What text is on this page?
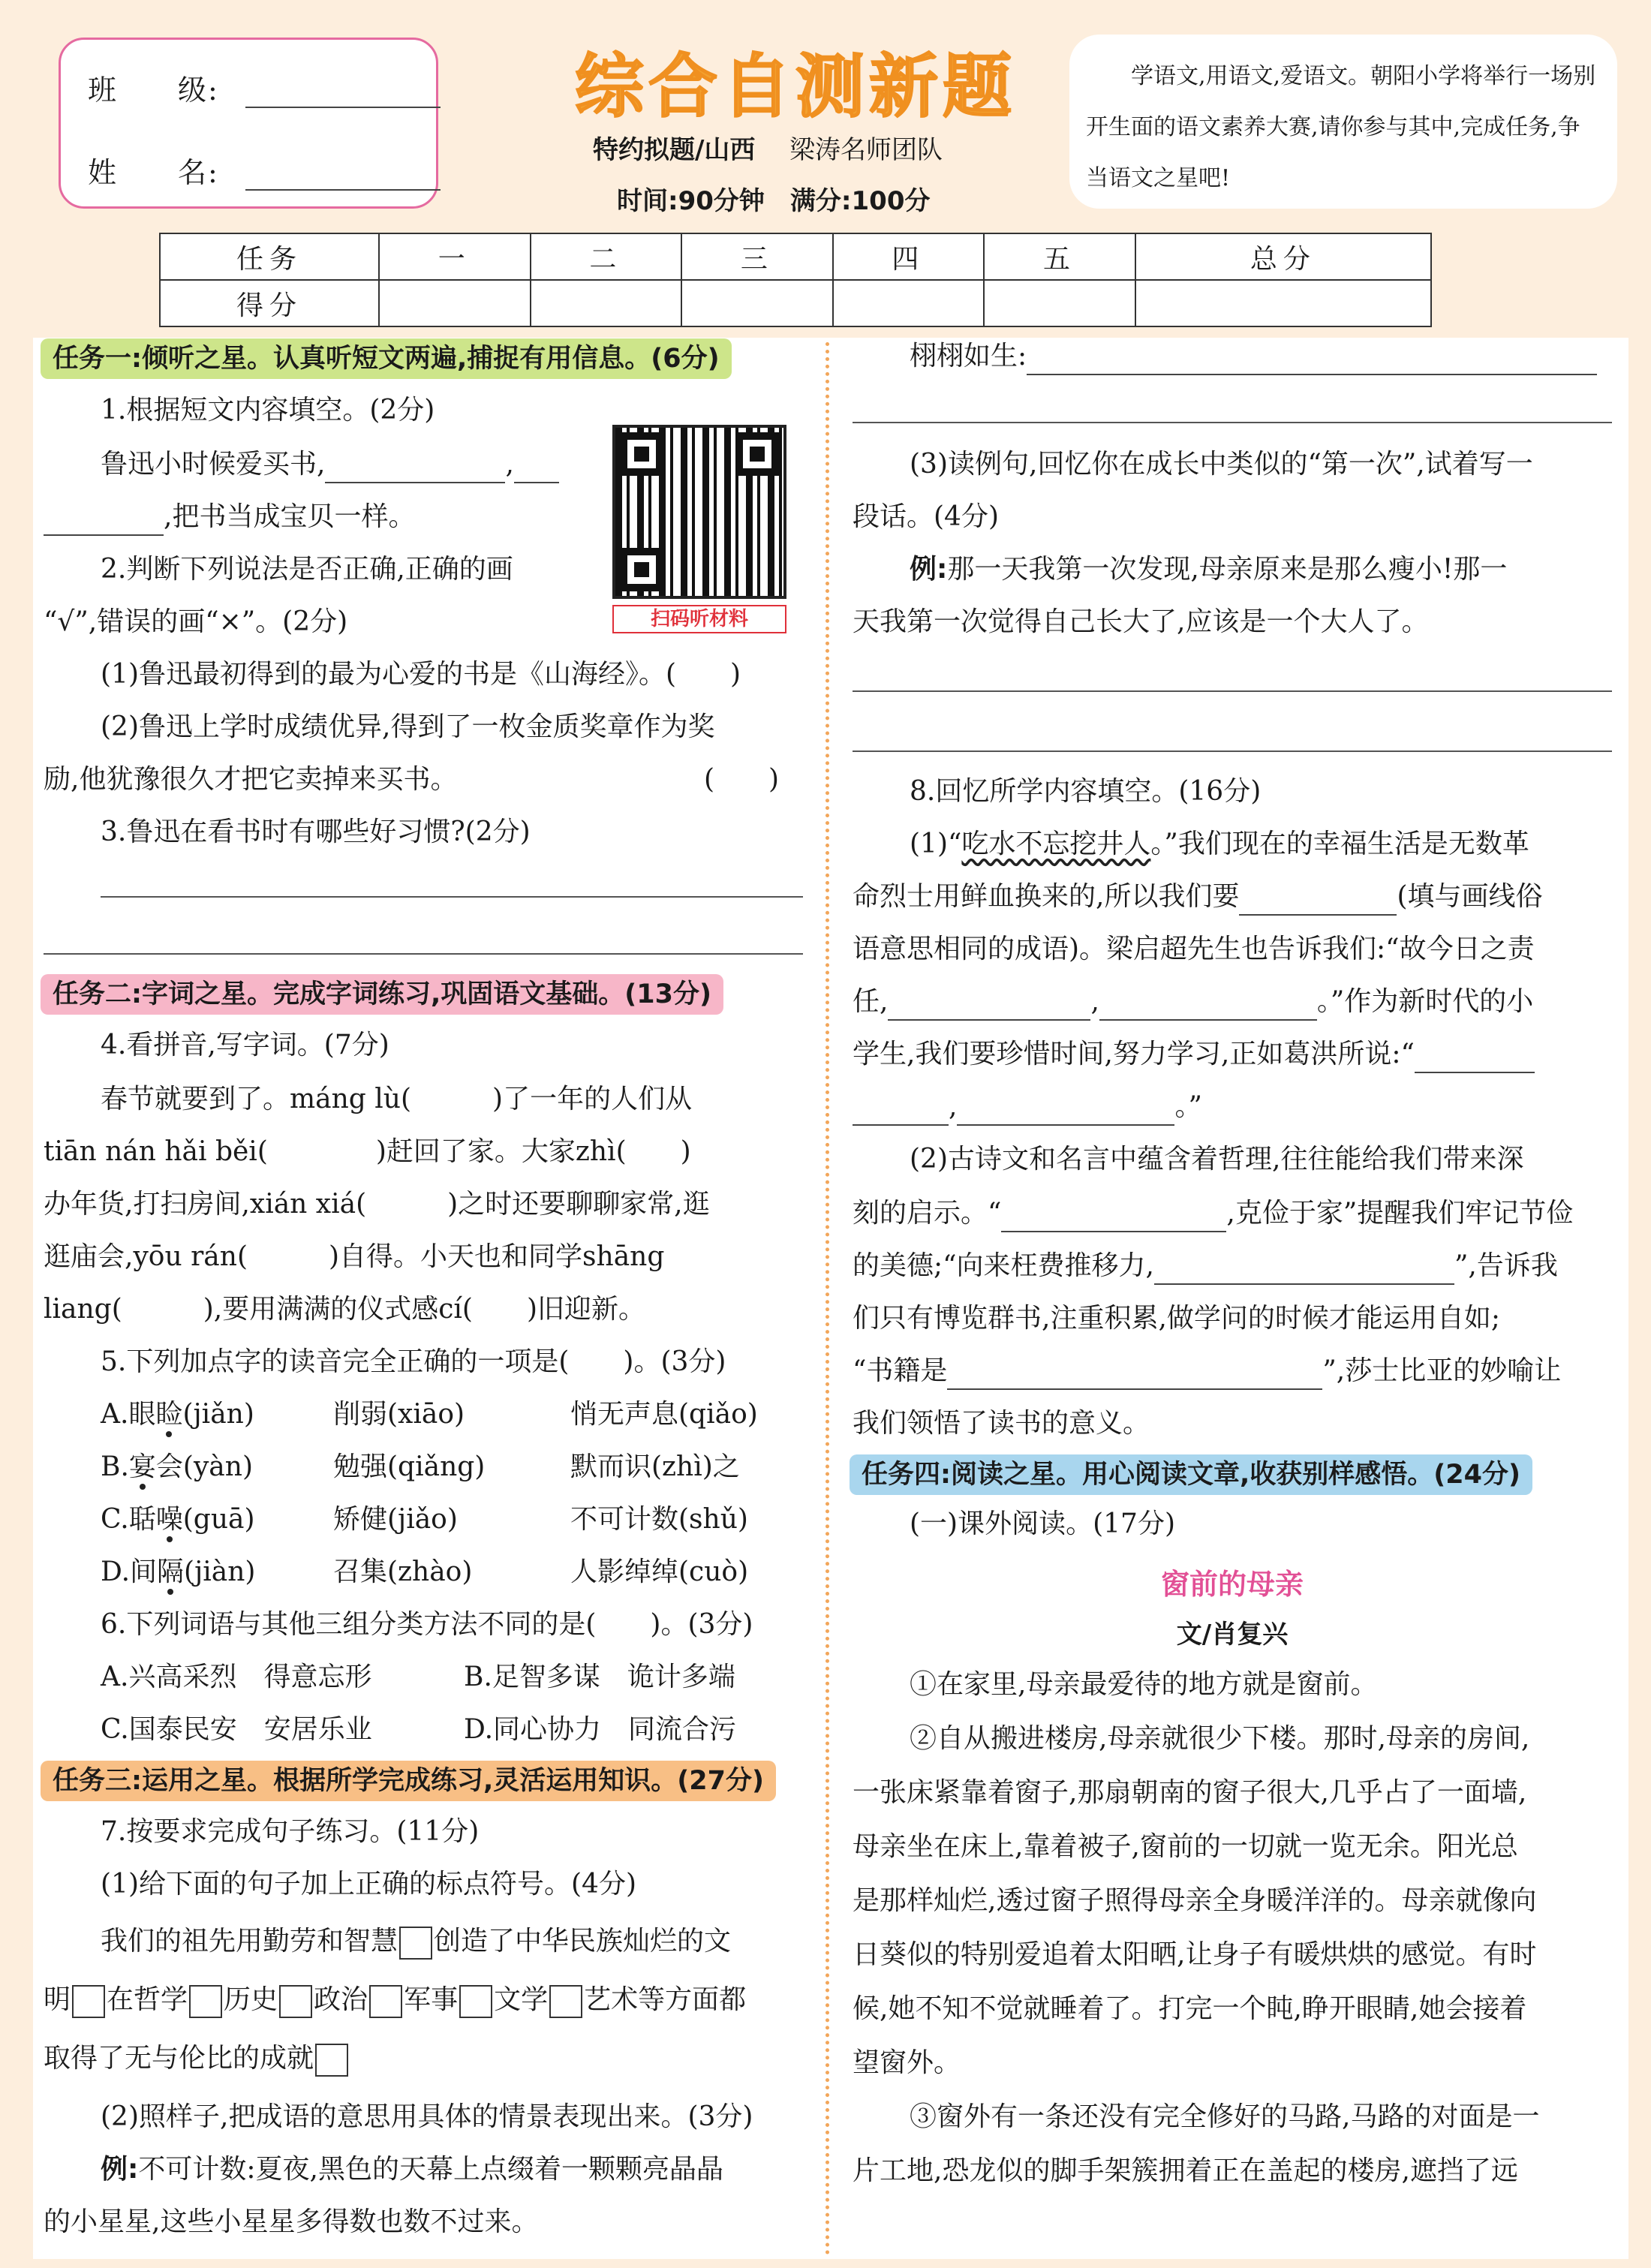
班　　级:
姓　　名:
综合自测新题
特约拟题/山西 梁涛名师团队
时间:90分钟　满分:100分
学语文,用语文,爱语文。朝阳小学将举行一场别开生面的语文素养大赛,请你参与其中,完成任务,争当语文之星吧!
任务	一	二	三	四	五	总分
得分						
任务一:倾听之星。认真听短文两遍,捕捉有用信息。(6分)
1.根据短文内容填空。(2分)
鲁迅小时候爱买书,	,
,把书当成宝贝一样。
2.判断下列说法是否正确,正确的画
“√”,错误的画“×”。(2分)
(1)鲁迅最初得到的最为心爱的书是《山海经》。(　　)
(2)鲁迅上学时成绩优异,得到了一枚金质奖章作为奖
励,他犹豫很久才把它卖掉来买书。	(　　)
3.鲁迅在看书时有哪些好习惯?(2分)
任务二:字词之星。完成字词练习,巩固语文基础。(13分)
4.看拼音,写字词。(7分)
春节就要到了。máng lù(　　　)了一年的人们从
tiān nán hǎi běi(　　　　)赶回了家。大家zhì(　　)
办年货,打扫房间,xián xiá(　　　)之时还要聊聊家常,逛
逛庙会,yōu rán(　　　)自得。小天也和同学shāng
liang(　　　),要用满满的仪式感cí(　　)旧迎新。
5.下列加点字的读音完全正确的一项是(　　)。(3分)
A.眼睑(jiǎn)	削弱(xiāo)	悄无声息(qiǎo)
B.宴会(yàn)	勉强(qiǎng)	默而识(zhì)之
C.聒噪(guā)	矫健(jiǎo)	不可计数(shǔ)
D.间隔(jiàn)	召集(zhào)	人影绰绰(cuò)
6.下列词语与其他三组分类方法不同的是(　　)。(3分)
A.兴高采烈　得意忘形	B.足智多谋　诡计多端
C.国泰民安　安居乐业	D.同心协力　同流合污
任务三:运用之星。根据所学完成练习,灵活运用知识。(27分)
7.按要求完成句子练习。(11分)
(1)给下面的句子加上正确的标点符号。(4分)
我们的祖先用勤劳和智慧 创造了中华民族灿烂的文
明 在哲学 历史 政治 军事 文学 艺术等方面都
取得了无与伦比的成就
(2)照样子,把成语的意思用具体的情景表现出来。(3分)
例:不可计数:夏夜,黑色的天幕上点缀着一颗颗亮晶晶
的小星星,这些小星星多得数也数不过来。
扫码听材料
栩栩如生:
(3)读例句,回忆你在成长中类似的“第一次”,试着写一
段话。(4分)
例:那一天我第一次发现,母亲原来是那么瘦小!那一
天我第一次觉得自己长大了,应该是一个大人了。
8.回忆所学内容填空。(16分)
(1)“吃水不忘挖井人。”我们现在的幸福生活是无数革
命烈士用鲜血换来的,所以我们要	(填与画线俗
语意思相同的成语)。梁启超先生也告诉我们:“故今日之责
任,	,	。”作为新时代的小
学生,我们要珍惜时间,努力学习,正如葛洪所说:“
,	。”
(2)古诗文和名言中蕴含着哲理,往往能给我们带来深
刻的启示。“	,克俭于家”提醒我们牢记节俭
的美德;“向来枉费推移力,	”,告诉我
们只有博览群书,注重积累,做学问的时候才能运用自如;
“书籍是	”,莎士比亚的妙喻让
我们领悟了读书的意义。
任务四:阅读之星。用心阅读文章,收获别样感悟。(24分)
(一)课外阅读。(17分)
窗前的母亲
文/肖复兴
①在家里,母亲最爱待的地方就是窗前。
②自从搬进楼房,母亲就很少下楼。那时,母亲的房间,
一张床紧靠着窗子,那扇朝南的窗子很大,几乎占了一面墙,
母亲坐在床上,靠着被子,窗前的一切就一览无余。阳光总
是那样灿烂,透过窗子照得母亲全身暖洋洋的。母亲就像向
日葵似的特别爱追着太阳晒,让身子有暖烘烘的感觉。有时
候,她不知不觉就睡着了。打完一个盹,睁开眼睛,她会接着
望窗外。
③窗外有一条还没有完全修好的马路,马路的对面是一
片工地,恐龙似的脚手架簇拥着正在盖起的楼房,遮挡了远
